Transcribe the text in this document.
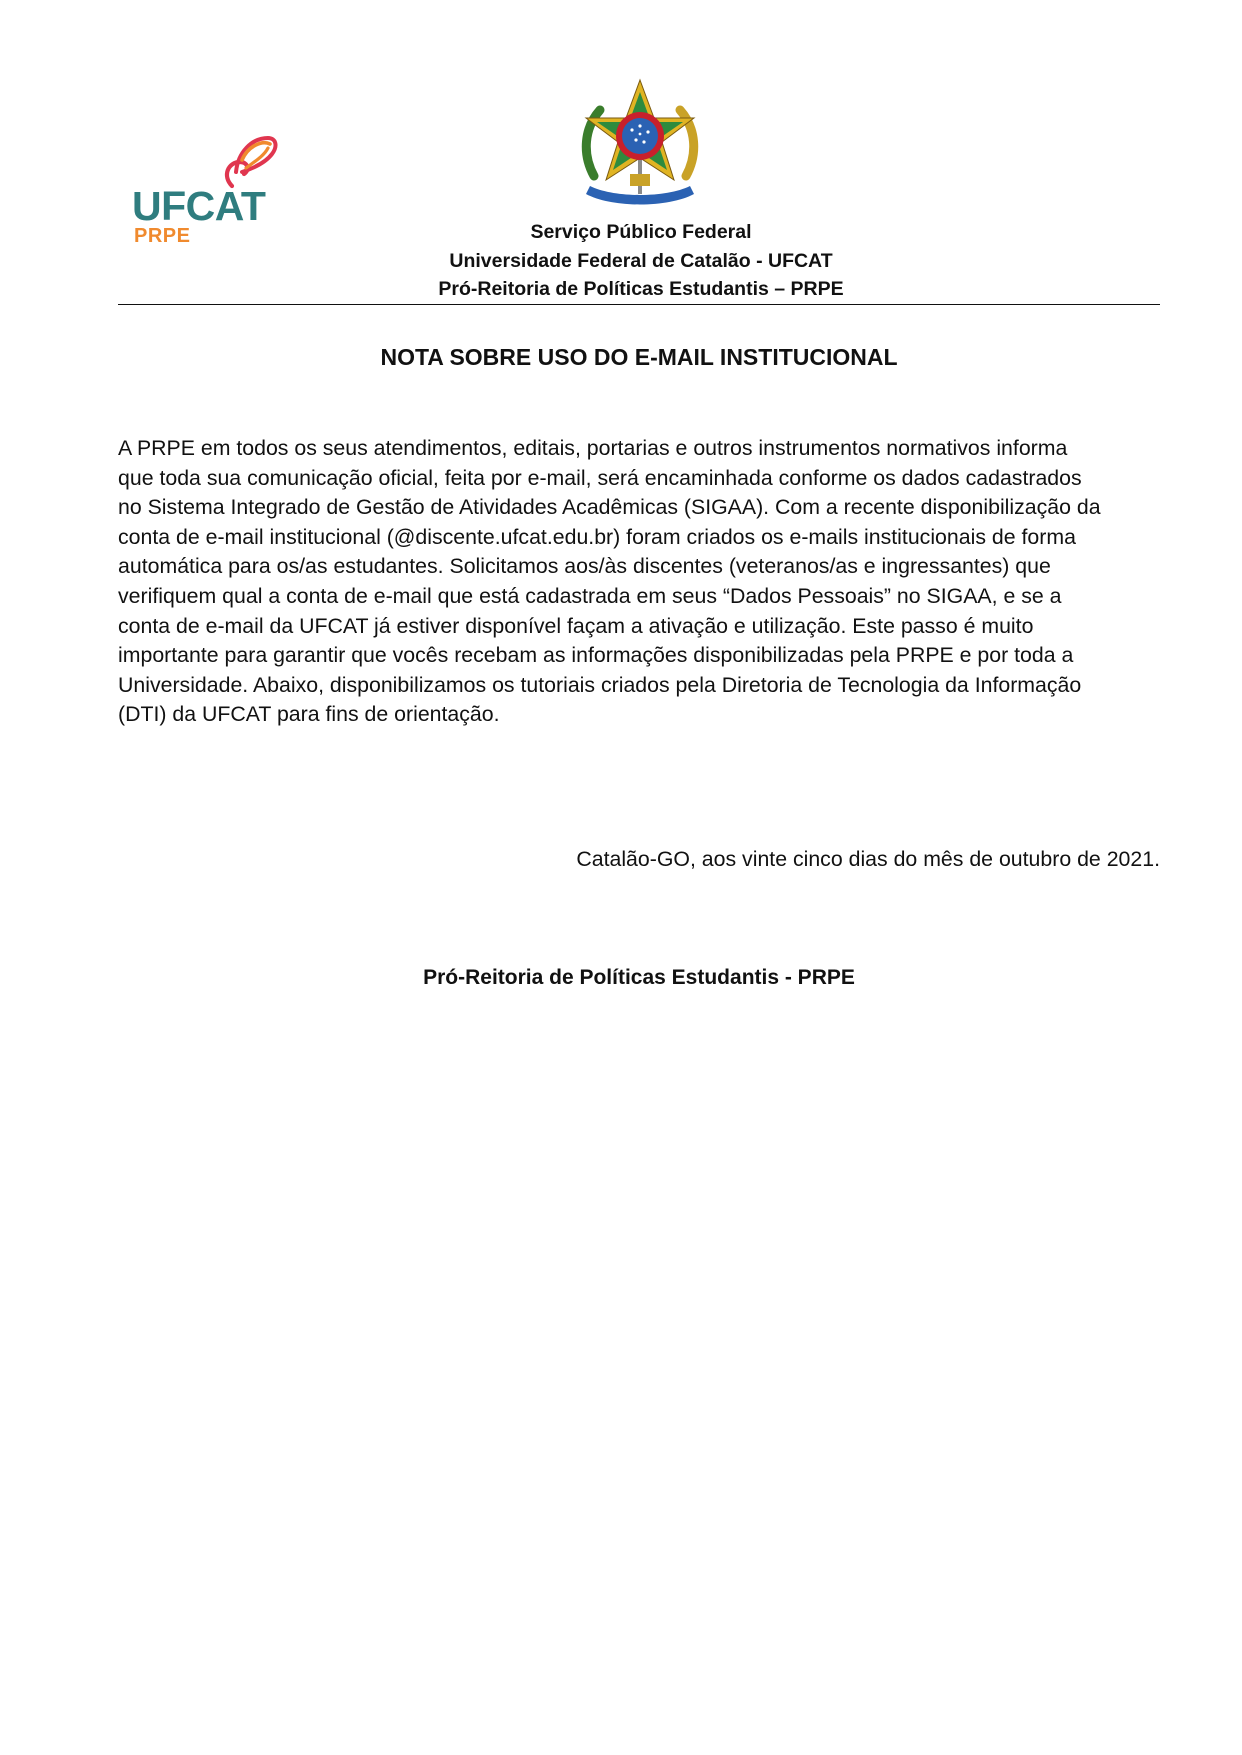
UFCAT
PRPE	Serviço Público Federal
Universidade Federal de Catalão - UFCAT
Pró-Reitoria de Políticas Estudantis – PRPE
NOTA SOBRE USO DO E-MAIL INSTITUCIONAL
A PRPE em todos os seus atendimentos, editais, portarias e outros instrumentos normativos informa
que toda sua comunicação oficial, feita por e-mail, será encaminhada conforme os dados cadastrados
no Sistema Integrado de Gestão de Atividades Acadêmicas (SIGAA). Com a recente disponibilização da
conta de e-mail institucional (@discente.ufcat.edu.br) foram criados os e-mails institucionais de forma
automática para os/as estudantes. Solicitamos aos/às discentes (veteranos/as e ingressantes) que
verifiquem qual a conta de e-mail que está cadastrada em seus “Dados Pessoais” no SIGAA, e se a
conta de e-mail da UFCAT já estiver disponível façam a ativação e utilização. Este passo é muito
importante para garantir que vocês recebam as informações disponibilizadas pela PRPE e por toda a
Universidade. Abaixo, disponibilizamos os tutoriais criados pela Diretoria de Tecnologia da Informação
(DTI) da UFCAT para fins de orientação.
Catalão-GO, aos vinte cinco dias do mês de outubro de 2021.
Pró-Reitoria de Políticas Estudantis - PRPE
